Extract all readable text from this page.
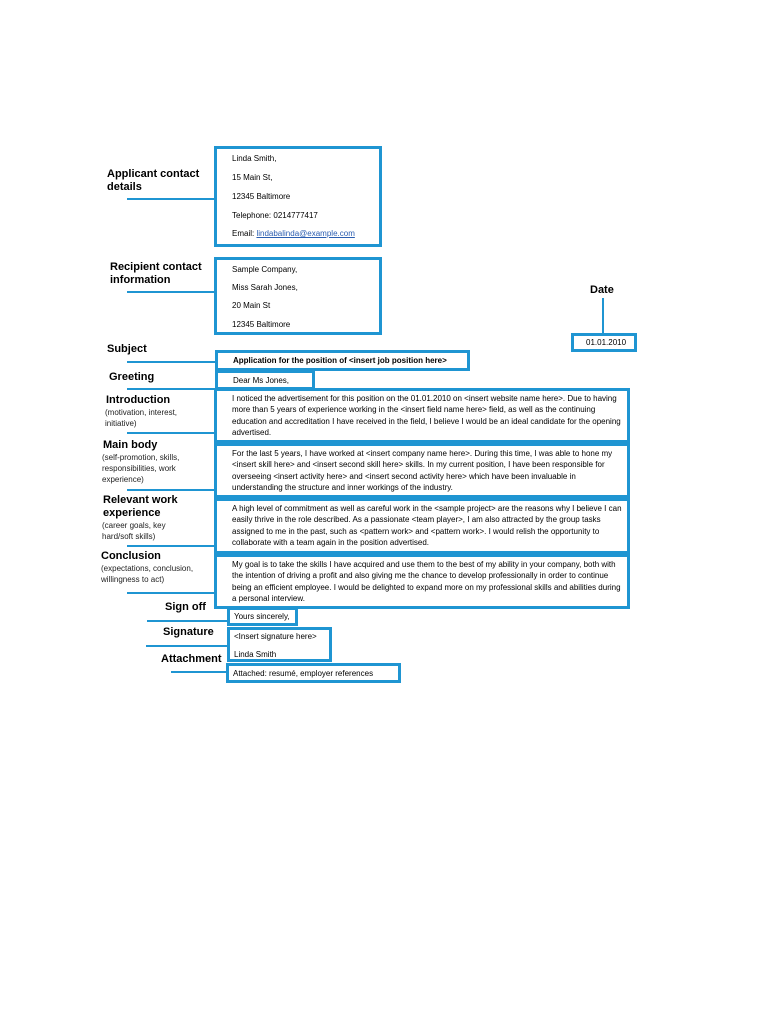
Applicant contact
details
Linda Smith,
15 Main St,
12345 Baltimore
Telephone: 0214777417
Email: lindabalinda@example.com
Recipient contact
information
Sample Company,
Miss Sarah Jones,
20 Main St
12345 Baltimore
Date
01.01.2010
Subject
Application for the position of <insert job position here>
Greeting	Dear Ms Jones,
Introduction
(motivation, interest,
initiative)

I noticed the advertisement for this position on the 01.01.2010 on <insert website name here>. Due to having more than 5 years of experience working in the <insert field name here> field, as well as the continuing education and accreditation I have received in the field, I believe I would be an ideal candidate for the opening advertised.

Main body
(self-promotion, skills,
responsibilities, work
experience)

For the last 5 years, I have worked at <insert company name here>. During this time, I was able to hone my <insert skill here> and <insert second skill here> skills. In my current position, I have been responsible for overseeing <insert activity here> and <insert second activity here> which have been invaluable in understanding the structure and inner workings of the industry.

Relevant work
experience
(career goals, key
hard/soft skills)

A high level of commitment as well as careful work in the <sample project> are the reasons why I believe I can easily thrive in the role described. As a passionate <team player>, I am also attracted by the group tasks assigned to me in the past, such as <pattern work> and <pattern work>. I would relish the opportunity to collaborate with a team again in the position advertised.

Conclusion
(expectations, conclusion,
willingness to act)

My goal is to take the skills I have acquired and use them to the best of my ability in your company, both with the intention of driving a profit and also giving me the chance to develop professionally in order to continue being an efficient employee. I would be delighted to expand more on my professional skills and abilities during a personal interview.

Sign off
Yours sincerely,
Signature	<Insert signature here>
Linda Smith
Attachment
Attached: resumé, employer references
